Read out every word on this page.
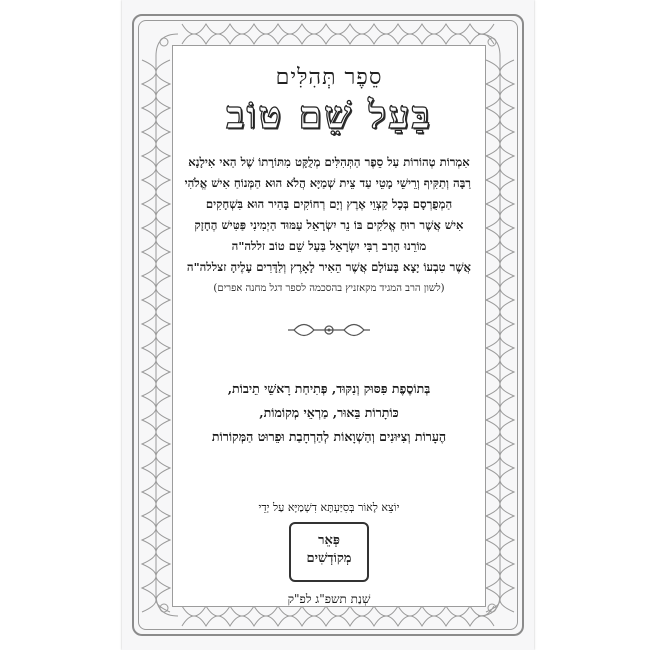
סֵפֶר תְּהִלִּים
בַּעַל שֵׁם טוֹב
אִמְרוֹת טְהוֹרוֹת עַל סֵפֶר הַתְּהִלִּים מְלֻקָּט מִתּוֹרָתוֹ שֶׁל הַאי אִילָנָא
רַבָּה וְתַקִּיף וְרֵישֵׁי מָטֵי עַד צֵית שְׁמַיָּא הֲלֹא הוּא הַמְּנוֹחַ אִישׁ אֱלֹהִי
הַמְפֻרְסָם בְּכָל קַצְוֵי אֶרֶץ וְיָם רְחוֹקִים בָּהִיר הוּא בִּשְׁחָקִים
אִישׁ אֲשֶׁר רוּחַ אֱלֹקִים בּוֹ נֵר יִשְׂרָאֵל עַמּוּד הַיְמִינִי פַּטִּישׁ הֶחָזָק
מוֹרֵנוּ הָרַב רַבִּי יִשְׂרָאֵל בַּעַל שֵׁם טוֹב זללה"ה
אֲשֶׁר טִבְעוֹ יָצָא בָּעוֹלָם אֲשֶׁר הֵאִיר לָאָרֶץ וְלַדָּרִים עָלֶיהָ זצללה"ה
(לשון הרב המגיד מקאזניץ בהסכמה לספר דגל מחנה אפרים)
בְּתוֹסֶפֶת פִּסּוּק וְנִקּוּד, פְּתִיחַת רָאשֵׁי תֵיבוֹת,
כּוֹתָרוֹת בֵּאוּר, מַרְאֵי מְקוֹמוֹת,
הֶעָרוֹת וְצִיּוּנִים וְהַשְׁוָאוֹת לְהַרְחָבַת וּפֵרוּט הַמְּקוֹרוֹת
יוֹצֵא לָאוֹר בְּסִיַּעְתָּא דִשְׁמַיָּא עַל יְדֵי
פְּאֵר
מְקוֹדְשִׁים
שְׁנַת תשפ"ג לפ"ק
